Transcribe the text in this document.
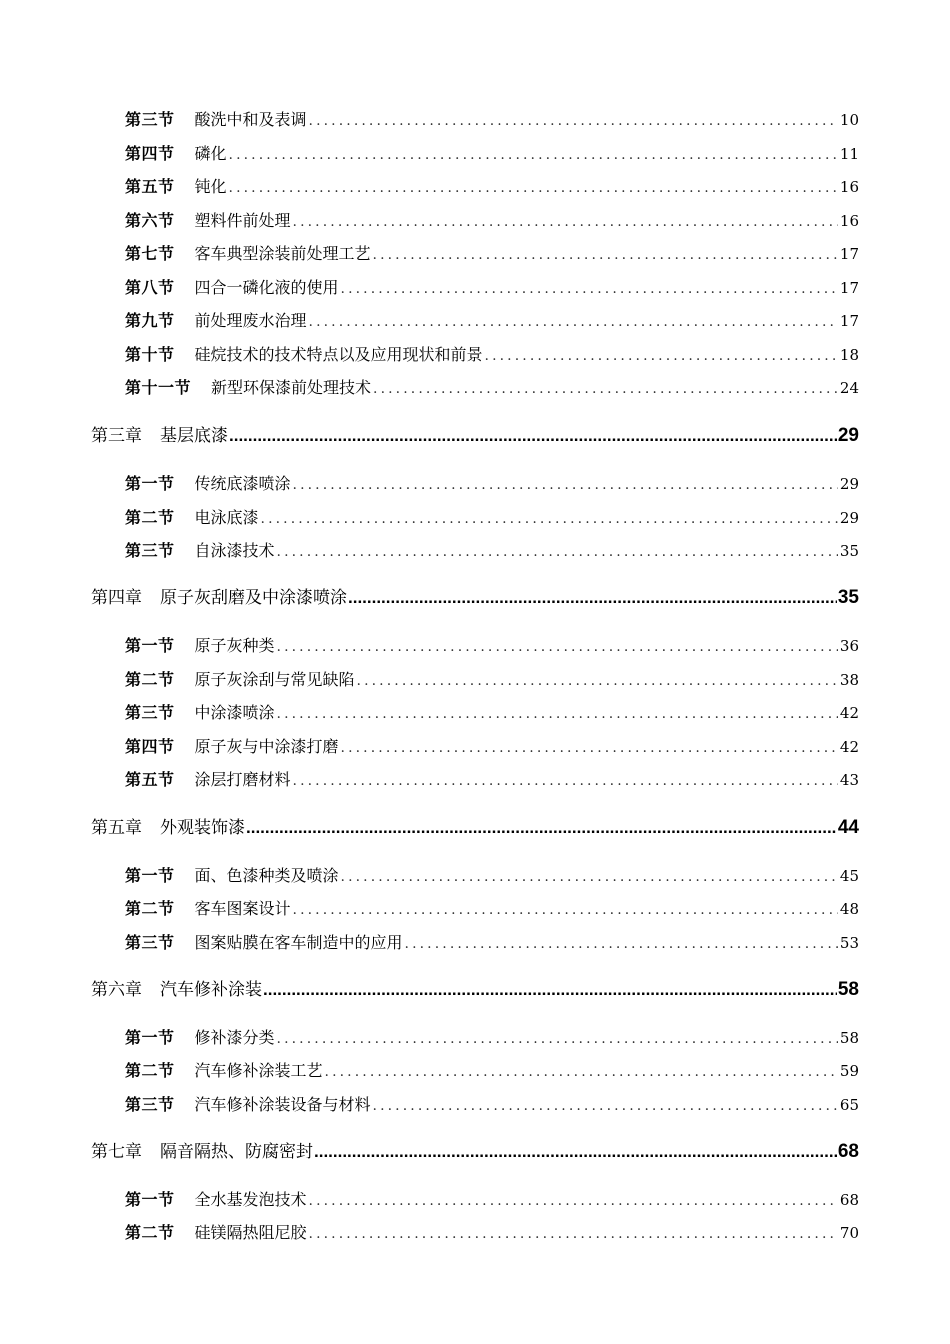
第三节 酸洗中和及表调 .....	10
第四节 磷化 .....	11
第五节 钝化 .....	16
第六节 塑料件前处理 .....	16
第七节 客车典型涂装前处理工艺 .....	17
第八节 四合一磷化液的使用 .....	17
第九节 前处理废水治理 .....	17
第十节 硅烷技术的技术特点以及应用现状和前景 .....	18
第十一节 新型环保漆前处理技术 .....	24
第三章 基层底漆 .....	29
第一节 传统底漆喷涂 .....	29
第二节 电泳底漆 .....	29
第三节 自泳漆技术 .....	35
第四章 原子灰刮磨及中涂漆喷涂 .....	35
第一节 原子灰种类 .....	36
第二节 原子灰涂刮与常见缺陷 .....	38
第三节 中涂漆喷涂 .....	42
第四节 原子灰与中涂漆打磨 .....	42
第五节 涂层打磨材料 .....	43
第五章 外观装饰漆 .....	44
第一节 面、色漆种类及喷涂 .....	45
第二节 客车图案设计 .....	48
第三节 图案贴膜在客车制造中的应用 .....	53
第六章 汽车修补涂装 .....	58
第一节 修补漆分类 .....	58
第二节 汽车修补涂装工艺 .....	59
第三节 汽车修补涂装设备与材料 .....	65
第七章 隔音隔热、防腐密封 .....	68
第一节 全水基发泡技术 .....	68
第二节 硅镁隔热阻尼胶 .....	70
